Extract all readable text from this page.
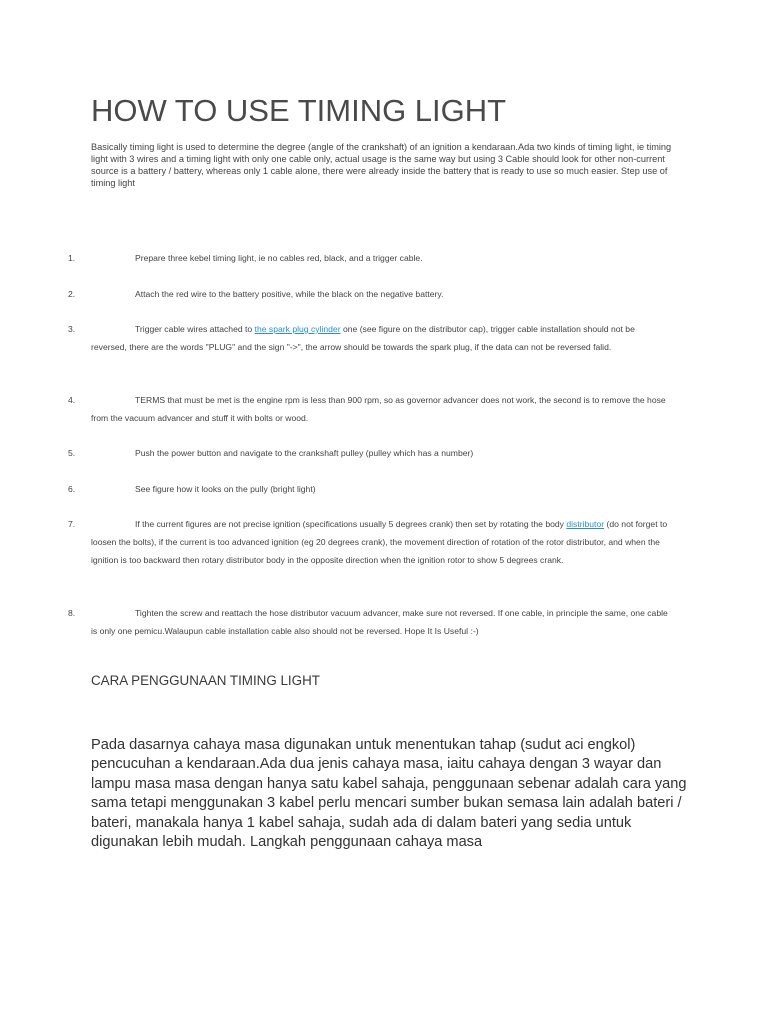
HOW TO USE TIMING LIGHT

Basically timing light is used to determine the degree (angle of the crankshaft) of an ignition a kendaraan.Ada two kinds of timing light, ie timing light with 3 wires and a timing light with only one cable only, actual usage is the same way but using 3 Cable should look for other non-current source is a battery / battery, whereas only 1 cable alone, there were already inside the battery that is ready to use so much easier. Step use of timing light

1.	Prepare three kebel timing light, ie no cables red, black, and a trigger cable.
2.	Attach the red wire to the battery positive, while the black on the negative battery.
3.	Trigger cable wires attached to the spark plug cylinder one (see figure on the distributor cap), trigger cable installation should not be reversed, there are the words "PLUG" and the sign "->", the arrow should be towards the spark plug, if the data can not be reversed falid.
4.	TERMS that must be met is the engine rpm is less than 900 rpm, so as governor advancer does not work, the second is to remove the hose from the vacuum advancer and stuff it with bolts or wood.
5.	Push the power button and navigate to the crankshaft pulley (pulley which has a number)
6.	See figure how it looks on the pully (bright light)
7.	If the current figures are not precise ignition (specifications usually 5 degrees crank) then set by rotating the body distributor (do not forget to loosen the bolts), if the current is too advanced ignition (eg 20 degrees crank), the movement direction of rotation of the rotor distributor, and when the ignition is too backward then rotary distributor body in the opposite direction when the ignition rotor to show 5 degrees crank.
8.	Tighten the screw and reattach the hose distributor vacuum advancer, make sure not reversed. If one cable, in principle the same, one cable is only one pemicu.Walaupun cable installation cable also should not be reversed. Hope It Is Useful :-)
CARA PENGGUNAAN TIMING LIGHT

Pada dasarnya cahaya masa digunakan untuk menentukan tahap (sudut aci engkol) pencucuhan a kendaraan.Ada dua jenis cahaya masa, iaitu cahaya dengan 3 wayar dan lampu masa masa dengan hanya satu kabel sahaja, penggunaan sebenar adalah cara yang sama tetapi menggunakan 3 kabel perlu mencari sumber bukan semasa lain adalah bateri / bateri, manakala hanya 1 kabel sahaja, sudah ada di dalam bateri yang sedia untuk digunakan lebih mudah. Langkah penggunaan cahaya masa
